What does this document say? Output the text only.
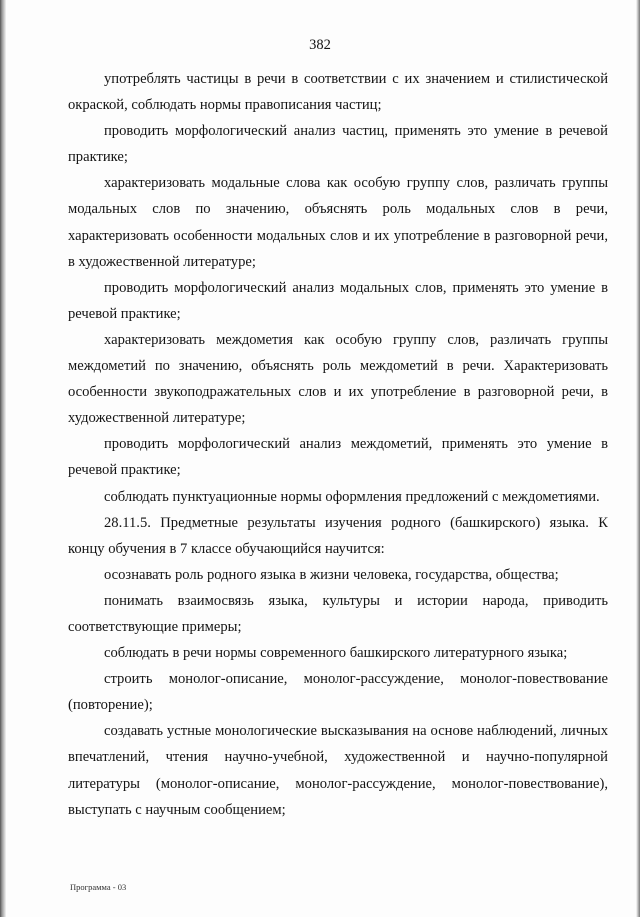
382

употреблять частицы в речи в соответствии с их значением и стилистической окраской, соблюдать нормы правописания частиц;

проводить морфологический анализ частиц, применять это умение в речевой практике;

характеризовать модальные слова как особую группу слов, различать группы модальных слов по значению, объяснять роль модальных слов в речи, характеризовать особенности модальных слов и их употребление в разговорной речи, в художественной литературе;

проводить морфологический анализ модальных слов, применять это умение в речевой практике;

характеризовать междометия как особую группу слов, различать группы междометий по значению, объяснять роль междометий в речи. Характеризовать особенности звукоподражательных слов и их употребление в разговорной речи, в художественной литературе;

проводить морфологический анализ междометий, применять это умение в речевой практике;

соблюдать пунктуационные нормы оформления предложений с междометиями.

28.11.5. Предметные результаты изучения родного (башкирского) языка. К концу обучения в 7 классе обучающийся научится:

осознавать роль родного языка в жизни человека, государства, общества;

понимать взаимосвязь языка, культуры и истории народа, приводить соответствующие примеры;

соблюдать в речи нормы современного башкирского литературного языка;

строить монолог-описание, монолог-рассуждение, монолог-повествование (повторение);

создавать устные монологические высказывания на основе наблюдений, личных впечатлений, чтения научно-учебной, художественной и научно-популярной литературы (монолог-описание, монолог-рассуждение, монолог-повествование), выступать с научным сообщением;

Программа - 03
